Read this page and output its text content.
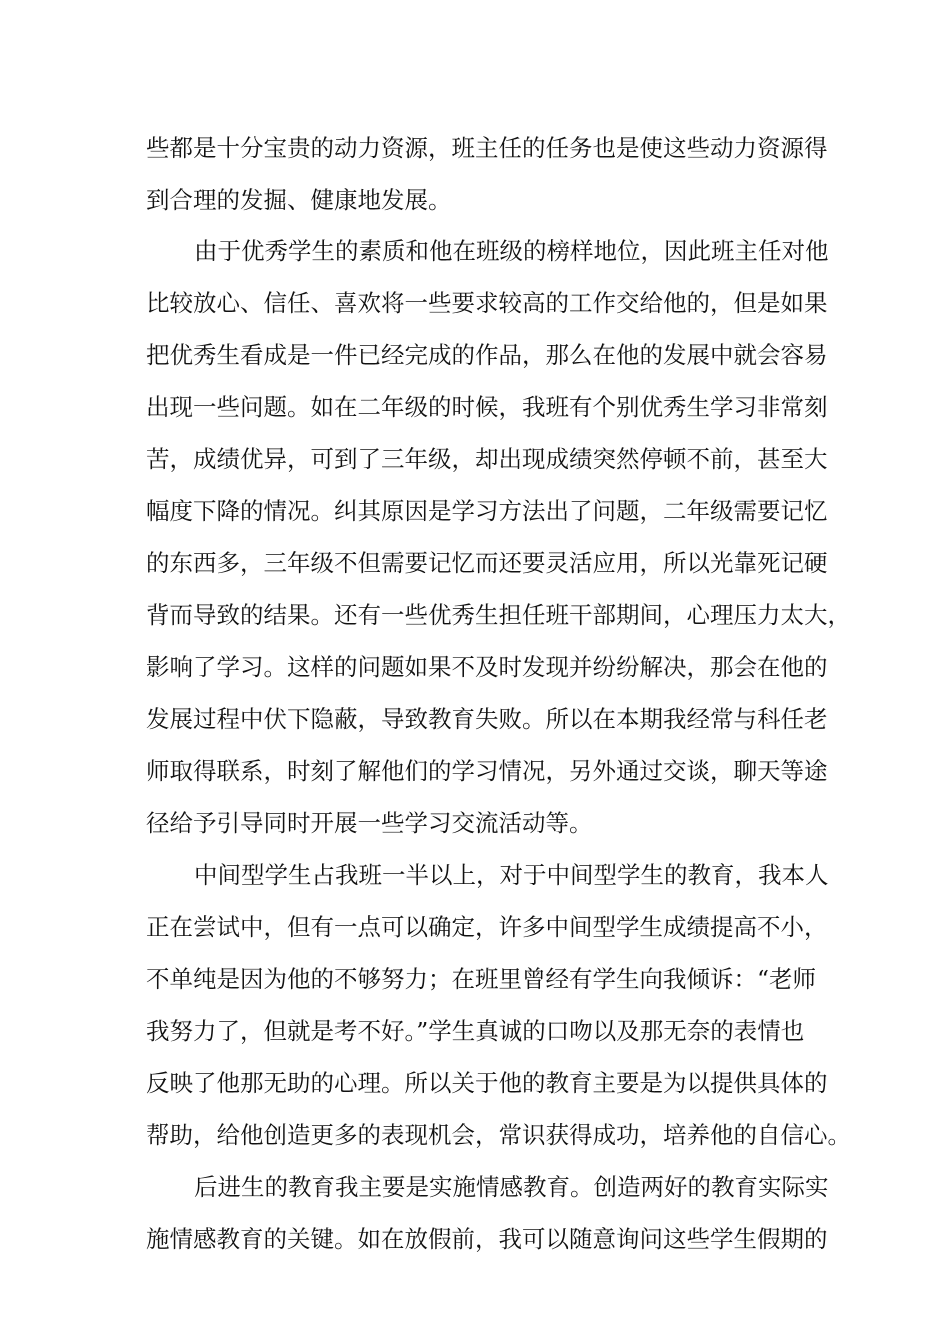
些都是十分宝贵的动力资源，班主任的任务也是使这些动力资源得
到合理的发掘、健康地发展。
由于优秀学生的素质和他在班级的榜样地位，因此班主任对他
比较放心、信任、喜欢将一些要求较高的工作交给他的，但是如果
把优秀生看成是一件已经完成的作品，那么在他的发展中就会容易
出现一些问题。如在二年级的时候，我班有个别优秀生学习非常刻
苦，成绩优异，可到了三年级，却出现成绩突然停顿不前，甚至大
幅度下降的情况。纠其原因是学习方法出了问题，二年级需要记忆
的东西多，三年级不但需要记忆而还要灵活应用，所以光靠死记硬
背而导致的结果。还有一些优秀生担任班干部期间，心理压力太大，
影响了学习。这样的问题如果不及时发现并纷纷解决，那会在他的
发展过程中伏下隐蔽，导致教育失败。所以在本期我经常与科任老
师取得联系，时刻了解他们的学习情况，另外通过交谈，聊天等途
径给予引导同时开展一些学习交流活动等。
中间型学生占我班一半以上，对于中间型学生的教育，我本人
正在尝试中，但有一点可以确定，许多中间型学生成绩提高不小，
不单纯是因为他的不够努力；在班里曾经有学生向我倾诉：“老师
我努力了，但就是考不好。”学生真诚的口吻以及那无奈的表情也
反映了他那无助的心理。所以关于他的教育主要是为以提供具体的
帮助，给他创造更多的表现机会，常识获得成功，培养他的自信心。
后进生的教育我主要是实施情感教育。创造两好的教育实际实
施情感教育的关键。如在放假前，我可以随意询问这些学生假期的
